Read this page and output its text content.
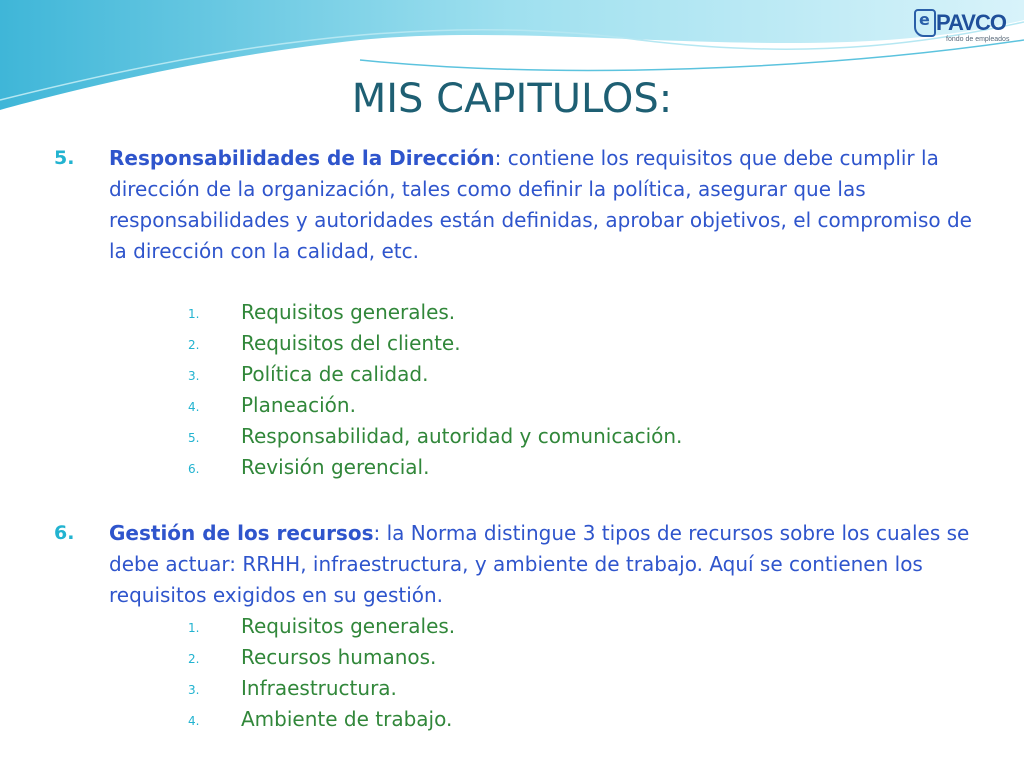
e PAVCO
fondo de empleados
MIS CAPITULOS:
5. Responsabilidades de la Dirección: contiene los requisitos que debe cumplir la dirección de la organización, tales como definir la política, asegurar que las responsabilidades y autoridades están definidas, aprobar objetivos, el compromiso de la dirección con la calidad, etc.

1. Requisitos generales.
2. Requisitos del cliente.
3. Política de calidad.
4. Planeación.
5. Responsabilidad, autoridad y comunicación.
6. Revisión gerencial.
6. Gestión de los recursos: la Norma distingue 3 tipos de recursos sobre los cuales se debe actuar: RRHH, infraestructura, y ambiente de trabajo. Aquí se contienen los requisitos exigidos en su gestión.

1. Requisitos generales.
2. Recursos humanos.
3. Infraestructura.
4. Ambiente de trabajo.
